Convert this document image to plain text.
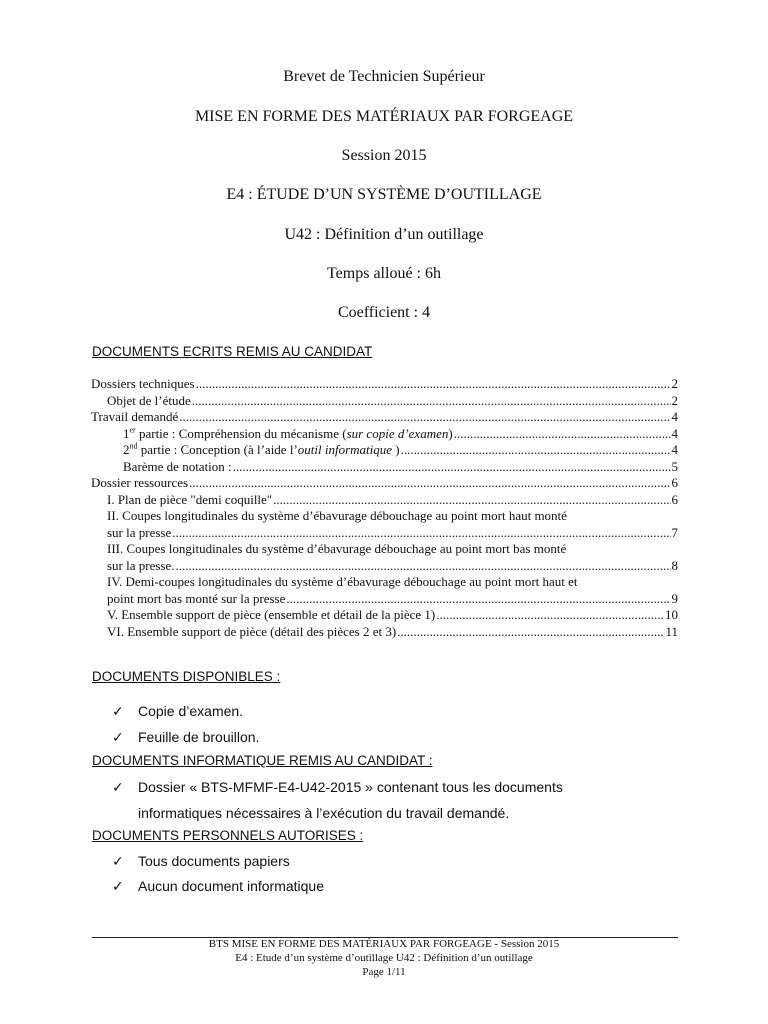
Brevet de Technicien Supérieur
MISE EN FORME DES MATÉRIAUX PAR FORGEAGE
Session 2015
E4 : ÉTUDE D’UN SYSTÈME D’OUTILLAGE
U42 : Définition d’un outillage
Temps alloué : 6h
Coefficient : 4
DOCUMENTS ECRITS REMIS AU CANDIDAT
Dossiers techniques .....	2
Objet de l’étude .....	2
Travail demandé .....	4
1er partie : Compréhension du mécanisme (sur copie d’examen) .....	4
2nd partie : Conception (à l’aide l’outil informatique ) .....	4
Barème de notation : .....	5
Dossier ressources .....	6
I. Plan de pièce "demi coquille" .....	6
II. Coupes longitudinales du système d’ébavurage débouchage au point mort haut monté
sur la presse .....	7
III. Coupes longitudinales du système d’ébavurage débouchage au point mort bas monté
sur la presse. .....	8
IV. Demi-coupes longitudinales du système d’ébavurage débouchage au point mort haut et
point mort bas monté sur la presse .....	9
V. Ensemble support de pièce (ensemble et détail de la pièce 1) .....	10
VI. Ensemble support de pièce (détail des pièces 2 et 3) .....	11
DOCUMENTS DISPONIBLES :
✓ Copie d’examen.
✓ Feuille de brouillon.
DOCUMENTS INFORMATIQUE REMIS AU CANDIDAT :
✓ Dossier « BTS-MFMF-E4-U42-2015 » contenant tous les documents
informatiques nécessaires à l’exécution du travail demandé.
DOCUMENTS PERSONNELS AUTORISES :
✓ Tous documents papiers
✓ Aucun document informatique
BTS MISE EN FORME DES MATÉRIAUX PAR FORGEAGE - Session 2015
E4 : Etude d’un système d’outillage U42 : Définition d’un outillage
Page 1/11
